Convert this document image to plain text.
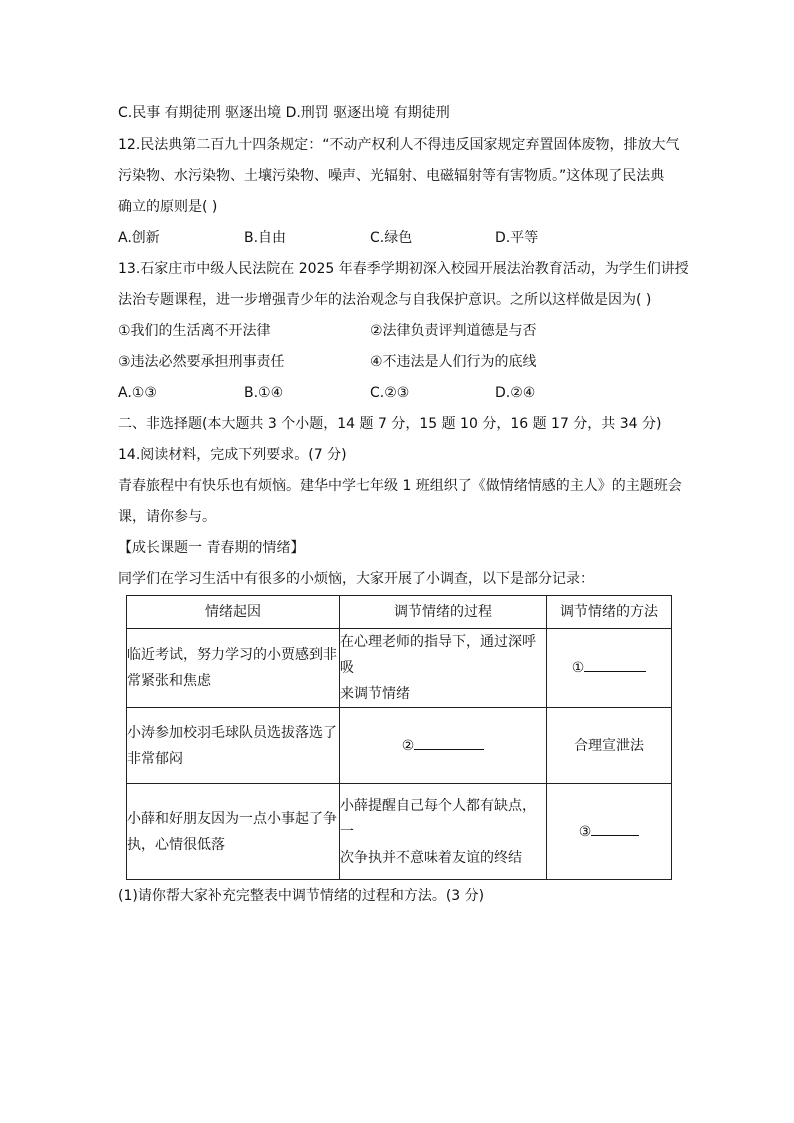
C.民事 有期徒刑 驱逐出境 D.刑罚 驱逐出境 有期徒刑
12.民法典第二百九十四条规定：“不动产权利人不得违反国家规定弃置固体废物，排放大气
污染物、水污染物、土壤污染物、噪声、光辐射、电磁辐射等有害物质。”这体现了民法典
确立的原则是( )
A.创新	B.自由	C.绿色	D.平等
13.石家庄市中级人民法院在 2025 年春季学期初深入校园开展法治教育活动，为学生们讲授
法治专题课程，进一步增强青少年的法治观念与自我保护意识。之所以这样做是因为( )
①我们的生活离不开法律	②法律负责评判道德是与否
③违法必然要承担刑事责任	④不违法是人们行为的底线
A.①③	B.①④	C.②③	D.②④
二、非选择题(本大题共 3 个小题，14 题 7 分，15 题 10 分，16 题 17 分，共 34 分)
14.阅读材料，完成下列要求。(7 分)
青春旅程中有快乐也有烦恼。建华中学七年级 1 班组织了《做情绪情感的主人》的主题班会
课，请你参与。
【成长课题一 青春期的情绪】
同学们在学习生活中有很多的小烦恼，大家开展了小调查，以下是部分记录：
情绪起因	调节情绪的过程	调节情绪的方法

临近考试，努力学习的小贾感到非
常紧张和焦虑	在心理老师的指导下，通过深呼吸
来调节情绪	①

小涛参加校羽毛球队员选拔落选了
非常郁闷	②	合理宣泄法

小薛和好朋友因为一点小事起了争
执，心情很低落	小薛提醒自己每个人都有缺点，一
次争执并不意味着友谊的终结	③
(1)请你帮大家补充完整表中调节情绪的过程和方法。(3 分)
